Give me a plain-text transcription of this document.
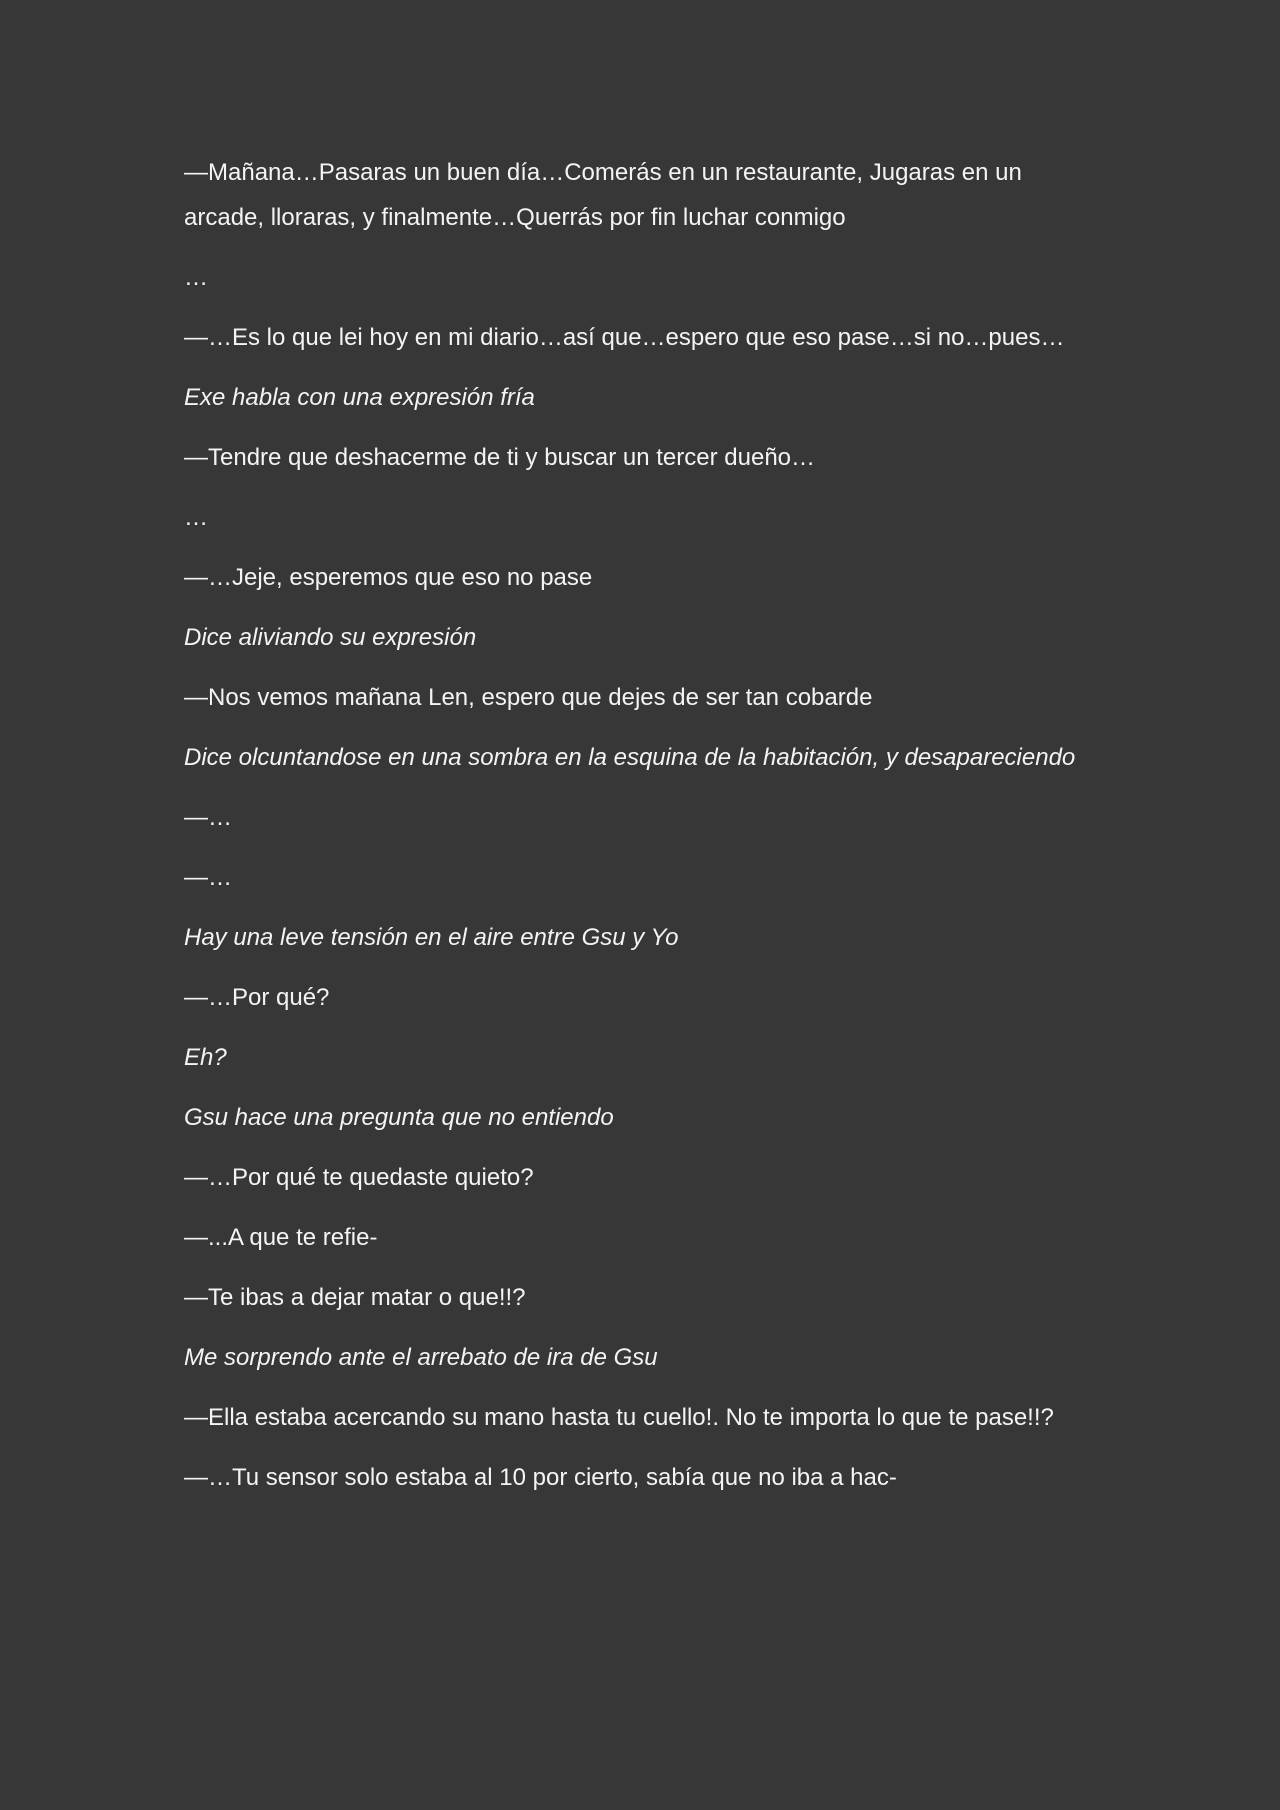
—Mañana…Pasaras un buen día…Comerás en un restaurante, Jugaras en un arcade, lloraras, y finalmente…Querrás por fin luchar conmigo

…

—…Es lo que lei hoy en mi diario…así que…espero que eso pase…si no…pues…

Exe habla con una expresión fría

—Tendre que deshacerme de ti y buscar un tercer dueño…

…

—…Jeje, esperemos que eso no pase

Dice aliviando su expresión

—Nos vemos mañana Len, espero que dejes de ser tan cobarde

Dice olcuntandose en una sombra en la esquina de la habitación, y desapareciendo

—…

—…

Hay una leve tensión en el aire entre Gsu y Yo

—…Por qué?

Eh?

Gsu hace una pregunta que no entiendo

—…Por qué te quedaste quieto?

—...A que te refie-

—Te ibas a dejar matar o que!!?

Me sorprendo ante el arrebato de ira de Gsu

—Ella estaba acercando su mano hasta tu cuello!. No te importa lo que te pase!!?

—…Tu sensor solo estaba al 10 por cierto, sabía que no iba a hac-
